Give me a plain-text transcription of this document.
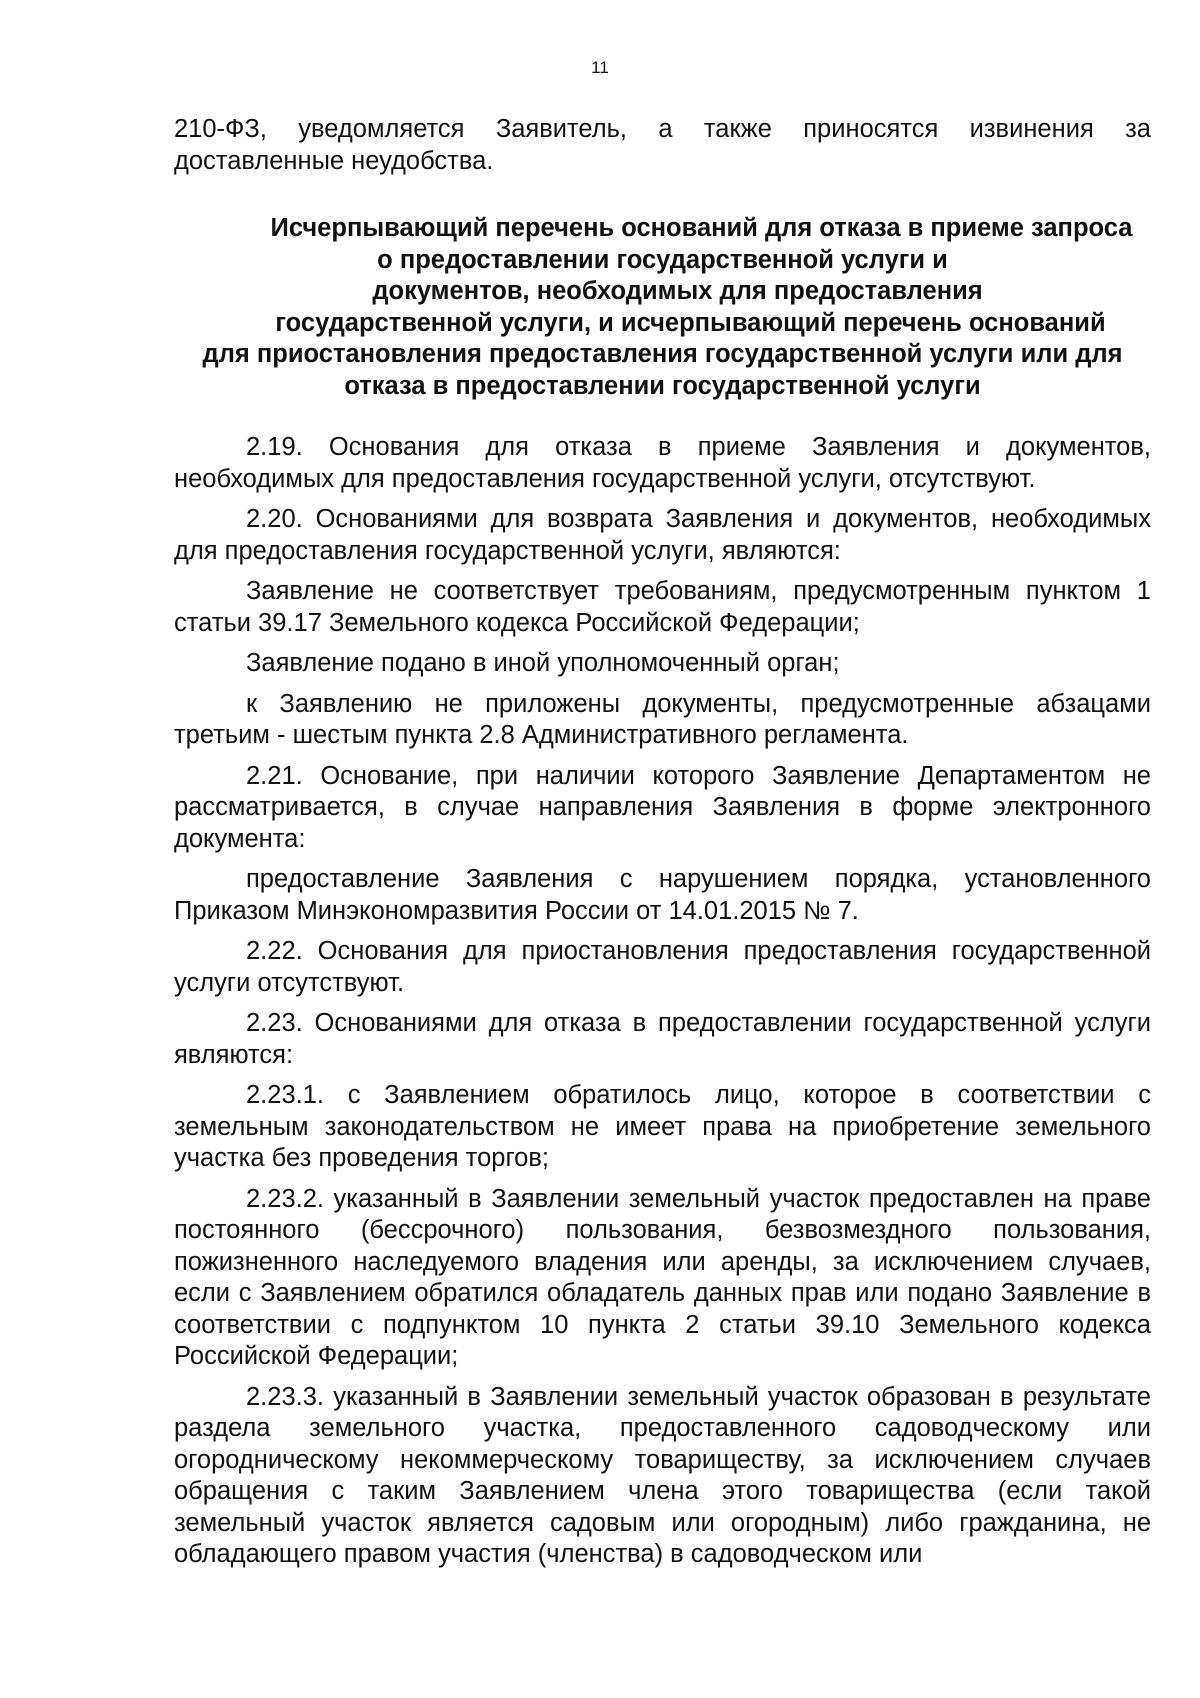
11

210-ФЗ, уведомляется Заявитель, а также приносятся извинения за доставленные неудобства.

Исчерпывающий перечень оснований для отказа в приеме запроса
о предоставлении государственной услуги и
документов, необходимых для предоставления
государственной услуги, и исчерпывающий перечень оснований
для приостановления предоставления государственной услуги или для
отказа в предоставлении государственной услуги

2.19. Основания для отказа в приеме Заявления и документов, необходимых для предоставления государственной услуги, отсутствуют.

2.20. Основаниями для возврата Заявления и документов, необходимых для предоставления государственной услуги, являются:

Заявление не соответствует требованиям, предусмотренным пунктом 1 статьи 39.17 Земельного кодекса Российской Федерации;

Заявление подано в иной уполномоченный орган;

к Заявлению не приложены документы, предусмотренные абзацами третьим - шестым пункта 2.8 Административного регламента.

2.21. Основание, при наличии которого Заявление Департаментом не рассматривается, в случае направления Заявления в форме электронного документа:

предоставление Заявления с нарушением порядка, установленного Приказом Минэкономразвития России от 14.01.2015 № 7.

2.22. Основания для приостановления предоставления государственной услуги отсутствуют.

2.23. Основаниями для отказа в предоставлении государственной услуги являются:

2.23.1. с Заявлением обратилось лицо, которое в соответствии с земельным законодательством не имеет права на приобретение земельного участка без проведения торгов;

2.23.2. указанный в Заявлении земельный участок предоставлен на праве постоянного (бессрочного) пользования, безвозмездного пользования, пожизненного наследуемого владения или аренды, за исключением случаев, если с Заявлением обратился обладатель данных прав или подано Заявление в соответствии с подпунктом 10 пункта 2 статьи 39.10 Земельного кодекса Российской Федерации;

2.23.3. указанный в Заявлении земельный участок образован в результате раздела земельного участка, предоставленного садоводческому или огородническому некоммерческому товариществу, за исключением случаев обращения с таким Заявлением члена этого товарищества (если такой земельный участок является садовым или огородным) либо гражданина, не обладающего правом участия (членства) в садоводческом или
